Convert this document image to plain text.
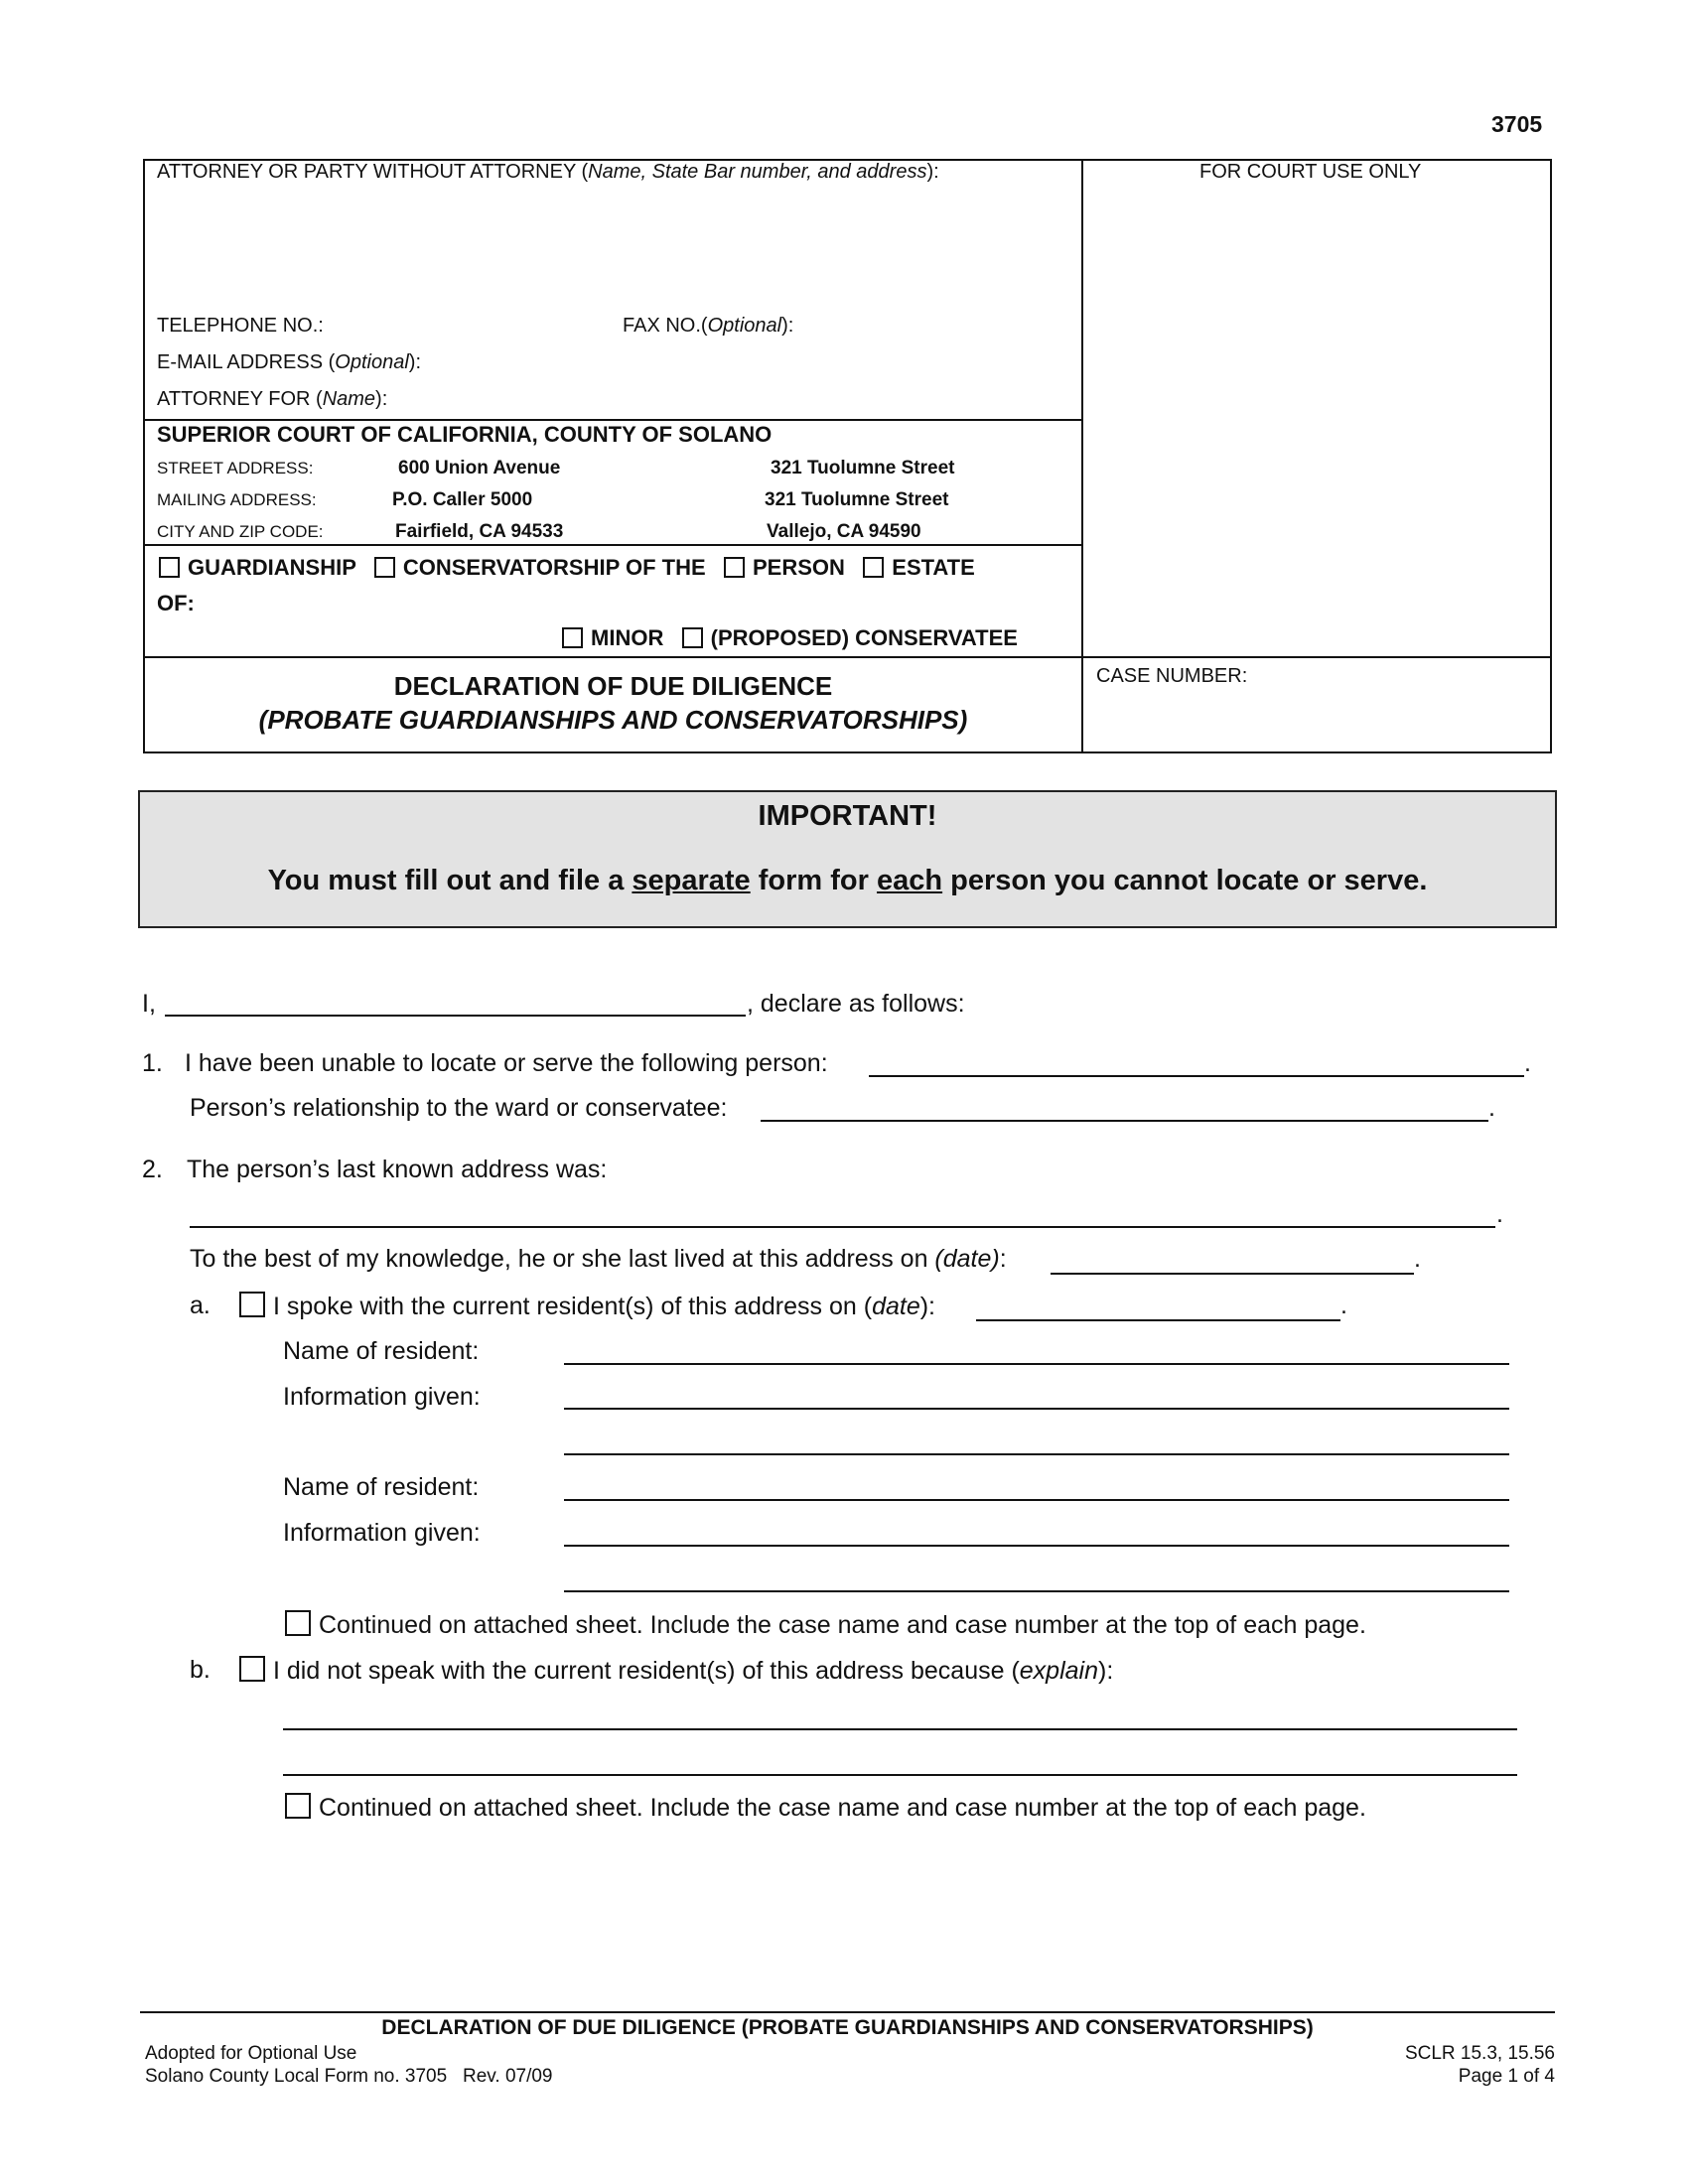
3705
ATTORNEY OR PARTY WITHOUT ATTORNEY (Name, State Bar number, and address):	FOR COURT USE ONLY
TELEPHONE NO.:	FAX NO.(Optional):
E-MAIL ADDRESS (Optional):
ATTORNEY FOR (Name):
SUPERIOR COURT OF CALIFORNIA, COUNTY OF SOLANO
STREET ADDRESS:	600 Union Avenue	321 Tuolumne Street
MAILING ADDRESS:	P.O. Caller 5000	321 Tuolumne Street
CITY AND ZIP CODE:	Fairfield, CA 94533	Vallejo, CA 94590
GUARDIANSHIP CONSERVATORSHIP OF THE PERSON ESTATE
OF:
MINOR (PROPOSED) CONSERVATEE
DECLARATION OF DUE DILIGENCE
(PROBATE GUARDIANSHIPS AND CONSERVATORSHIPS)
CASE NUMBER:
IMPORTANT!
You must fill out and file a separate form for each person you cannot locate or serve.
I,	, declare as follows:
1. I have been unable to locate or serve the following person:	.
Person’s relationship to the ward or conservatee:	.
2. The person’s last known address was:
.
To the best of my knowledge, he or she last lived at this address on (date):	.
a.	I spoke with the current resident(s) of this address on (date):	.
Name of resident:
Information given:
Name of resident:
Information given:
Continued on attached sheet. Include the case name and case number at the top of each page.
b.	I did not speak with the current resident(s) of this address because (explain):
Continued on attached sheet. Include the case name and case number at the top of each page.
DECLARATION OF DUE DILIGENCE (PROBATE GUARDIANSHIPS AND CONSERVATORSHIPS)
Adopted for Optional Use
Solano County Local Form no. 3705   Rev. 07/09
SCLR 15.3, 15.56
Page 1 of 4
